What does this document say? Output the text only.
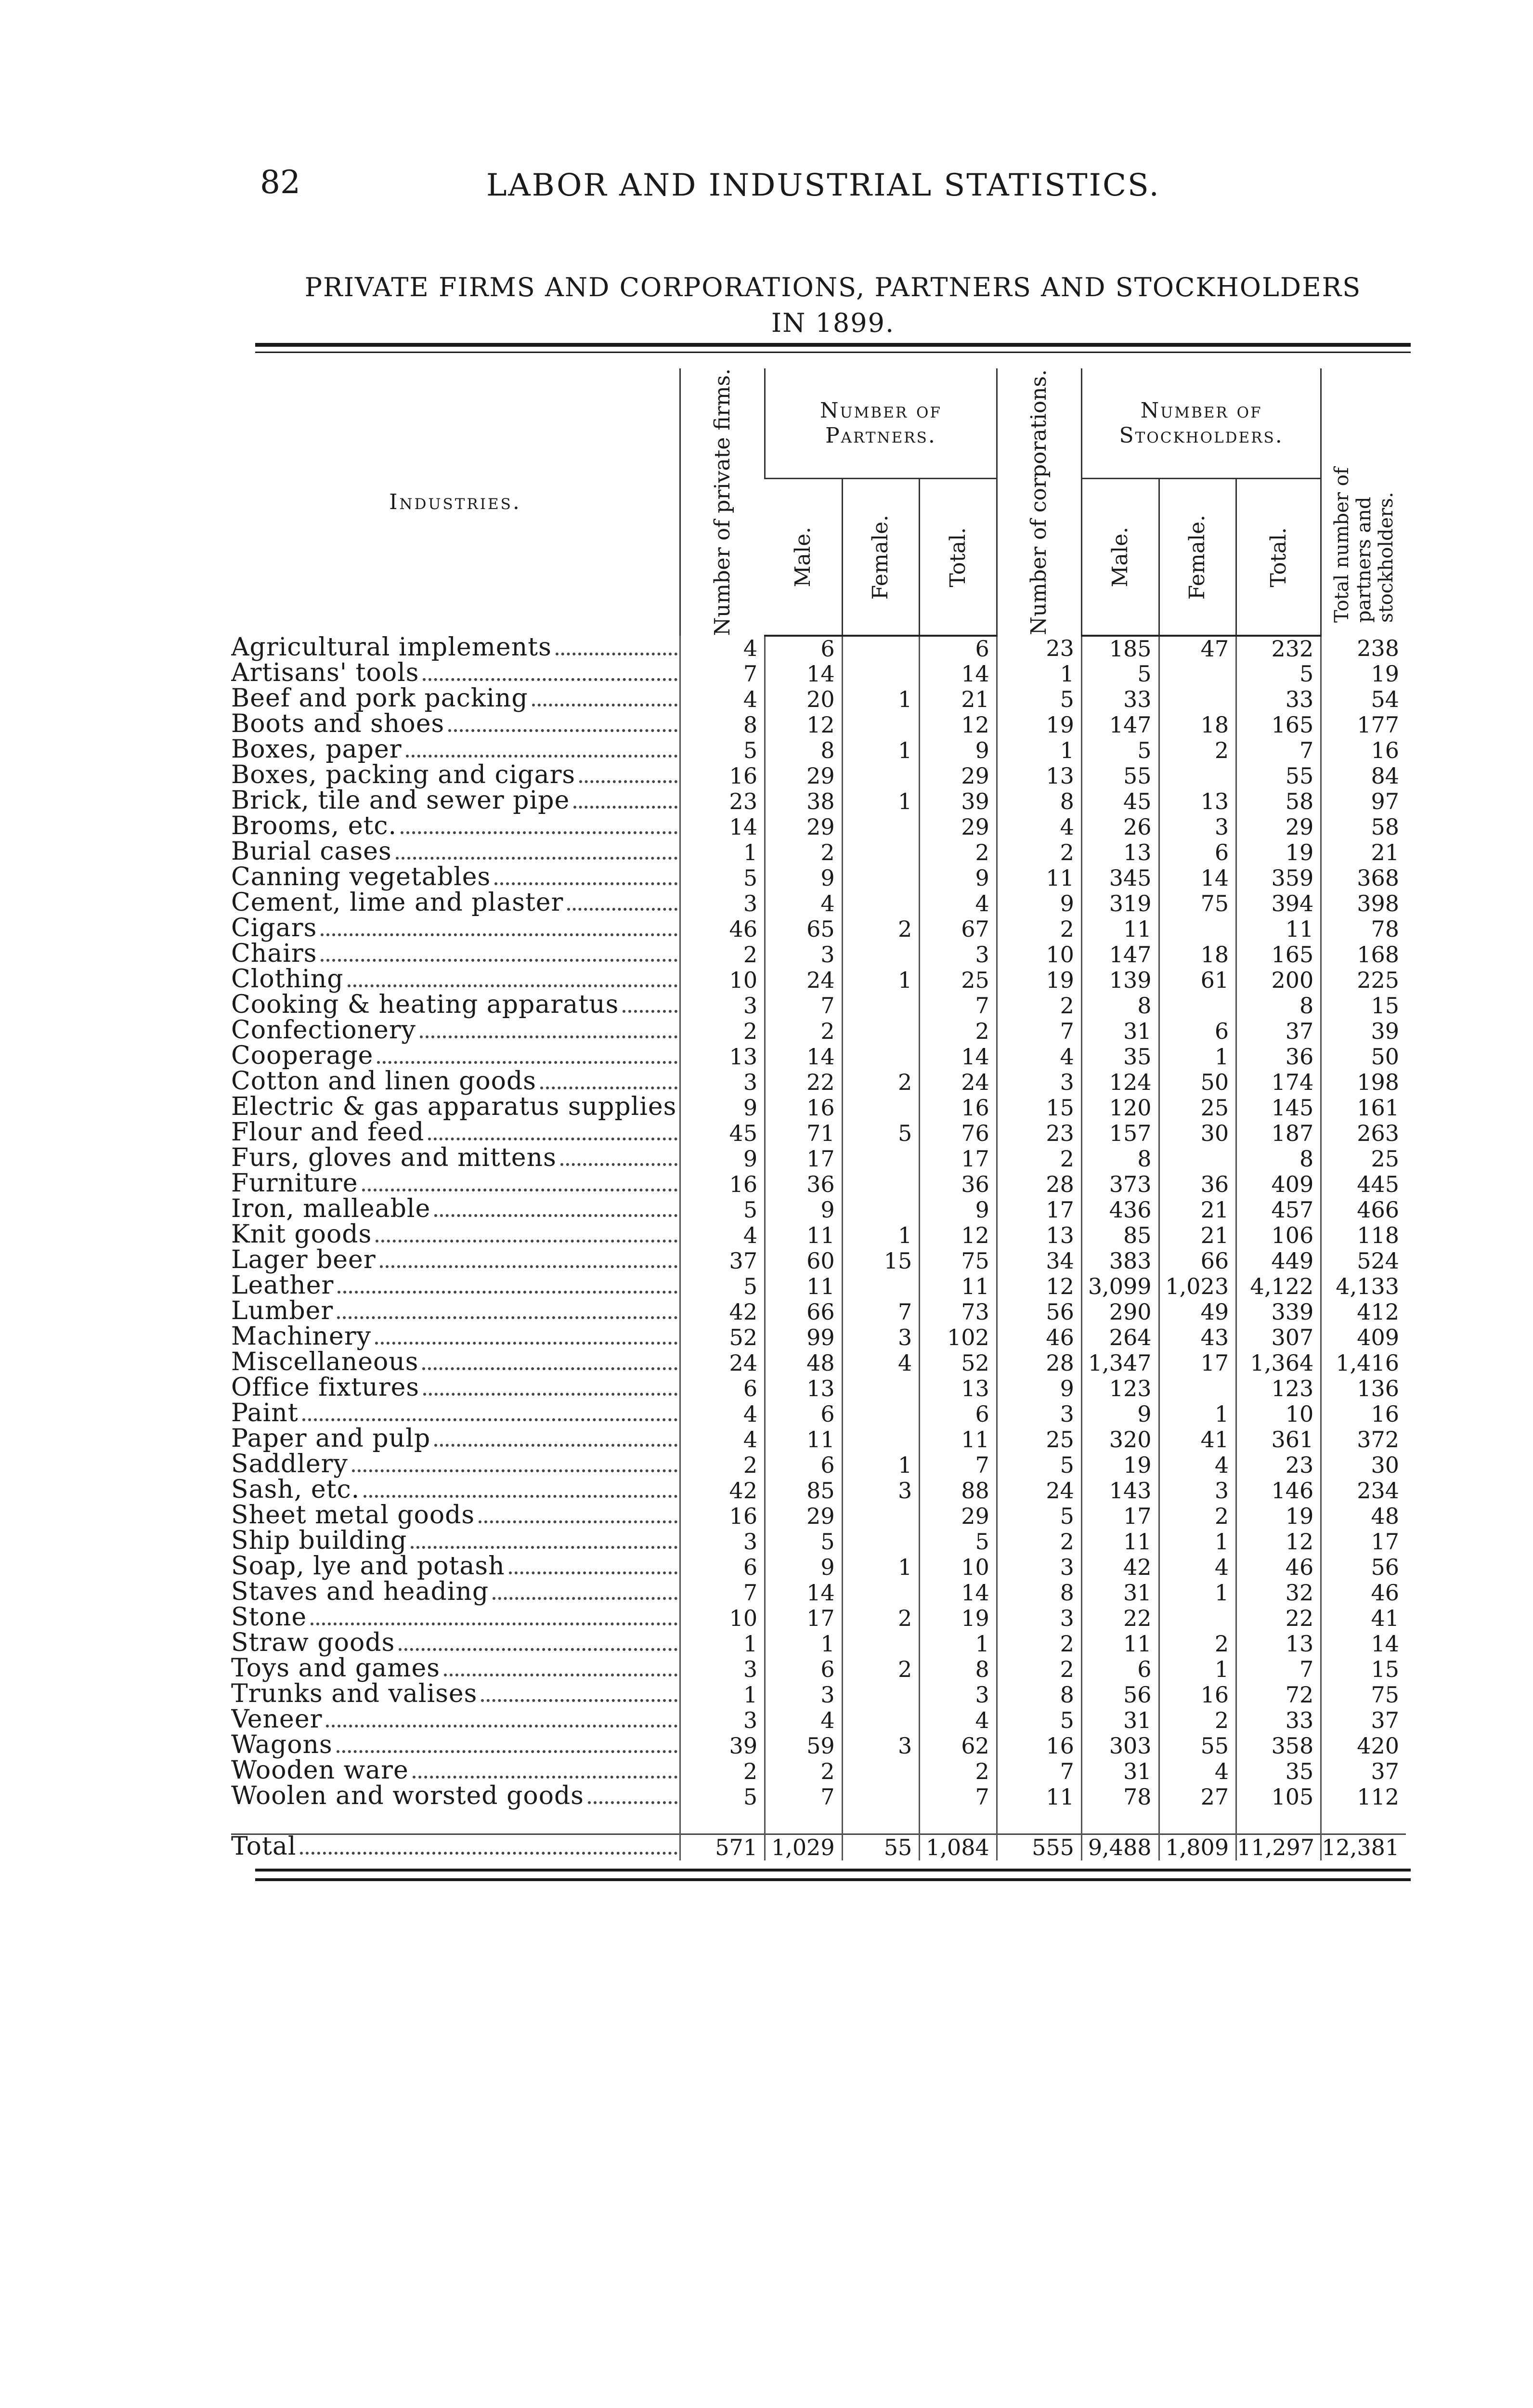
82	LABOR AND INDUSTRIAL STATISTICS.
PRIVATE FIRMS AND CORPORATIONS, PARTNERS AND STOCKHOLDERS
IN 1899.
Industries.	Number of private firms.	Number of Partners.			Number of corporations.	Number of Stockholders.			Total number of partners and stockholders.

		Male.	Female.	Total.		Male.	Female.	Total.	

Agricultural implements	4	6		6	23	185	47	232	238

Artisans' tools	7	14		14	1	5		5	19

Beef and pork packing	4	20	1	21	5	33		33	54

Boots and shoes	8	12		12	19	147	18	165	177

Boxes, paper	5	8	1	9	1	5	2	7	16

Boxes, packing and cigars	16	29		29	13	55		55	84

Brick, tile and sewer pipe	23	38	1	39	8	45	13	58	97

Brooms, etc.	14	29		29	4	26	3	29	58

Burial cases	1	2		2	2	13	6	19	21

Canning vegetables	5	9		9	11	345	14	359	368

Cement, lime and plaster	3	4		4	9	319	75	394	398

Cigars	46	65	2	67	2	11		11	78

Chairs	2	3		3	10	147	18	165	168

Clothing	10	24	1	25	19	139	61	200	225

Cooking & heating apparatus	3	7		7	2	8		8	15

Confectionery	2	2		2	7	31	6	37	39

Cooperage	13	14		14	4	35	1	36	50

Cotton and linen goods	3	22	2	24	3	124	50	174	198

Electric & gas apparatus supplies	9	16		16	15	120	25	145	161

Flour and feed	45	71	5	76	23	157	30	187	263

Furs, gloves and mittens	9	17		17	2	8		8	25

Furniture	16	36		36	28	373	36	409	445

Iron, malleable	5	9		9	17	436	21	457	466

Knit goods	4	11	1	12	13	85	21	106	118

Lager beer	37	60	15	75	34	383	66	449	524

Leather	5	11		11	12	3,099	1,023	4,122	4,133

Lumber	42	66	7	73	56	290	49	339	412

Machinery	52	99	3	102	46	264	43	307	409

Miscellaneous	24	48	4	52	28	1,347	17	1,364	1,416

Office fixtures	6	13		13	9	123		123	136

Paint	4	6		6	3	9	1	10	16

Paper and pulp	4	11		11	25	320	41	361	372

Saddlery	2	6	1	7	5	19	4	23	30

Sash, etc.	42	85	3	88	24	143	3	146	234

Sheet metal goods	16	29		29	5	17	2	19	48

Ship building	3	5		5	2	11	1	12	17

Soap, lye and potash	6	9	1	10	3	42	4	46	56

Staves and heading	7	14		14	8	31	1	32	46

Stone	10	17	2	19	3	22		22	41

Straw goods	1	1		1	2	11	2	13	14

Toys and games	3	6	2	8	2	6	1	7	15

Trunks and valises	1	3		3	8	56	16	72	75

Veneer	3	4		4	5	31	2	33	37

Wagons	39	59	3	62	16	303	55	358	420

Wooden ware	2	2		2	7	31	4	35	37

Woolen and worsted goods	5	7		7	11	78	27	105	112

Total	571	1,029	55	1,084	555	9,488	1,809	11,297	12,381
